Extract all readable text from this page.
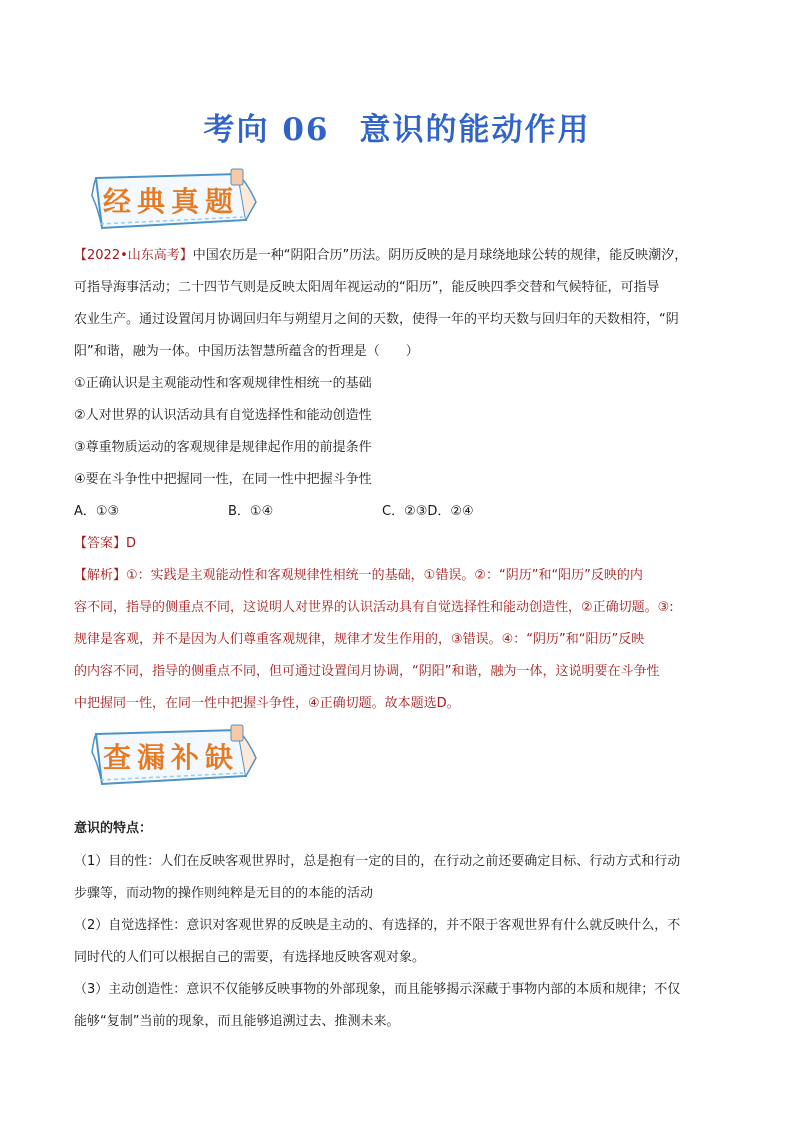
考向 06 意识的能动作用
经典真题
【2022•山东高考】中国农历是一种“阴阳合历”历法。阴历反映的是月球绕地球公转的规律，能反映潮汐，
可指导海事活动；二十四节气则是反映太阳周年视运动的“阳历”，能反映四季交替和气候特征，可指导
农业生产。通过设置闰月协调回归年与朔望月之间的天数，使得一年的平均天数与回归年的天数相符，“阴
阳”和谐，融为一体。中国历法智慧所蕴含的哲理是（　　）
①正确认识是主观能动性和客观规律性相统一的基础
②人对世界的认识活动具有自觉选择性和能动创造性
③尊重物质运动的客观规律是规律起作用的前提条件
④要在斗争性中把握同一性，在同一性中把握斗争性
A．①③	B．①④	C．②③D．②④
【答案】D
【解析】①：实践是主观能动性和客观规律性相统一的基础，①错误。②：“阴历”和“阳历”反映的内
容不同，指导的侧重点不同，这说明人对世界的认识活动具有自觉选择性和能动创造性，②正确切题。③:
规律是客观，并不是因为人们尊重客观规律，规律才发生作用的，③错误。④：“阴历”和“阳历”反映
的内容不同，指导的侧重点不同，但可通过设置闰月协调，“阴阳”和谐，融为一体，这说明要在斗争性
中把握同一性，在同一性中把握斗争性，④正确切题。故本题选D。
查漏补缺
意识的特点：
（1）目的性：人们在反映客观世界时，总是抱有一定的目的，在行动之前还要确定目标、行动方式和行动
步骤等，而动物的操作则纯粹是无目的的本能的活动
（2）自觉选择性：意识对客观世界的反映是主动的、有选择的，并不限于客观世界有什么就反映什么，不
同时代的人们可以根据自己的需要，有选择地反映客观对象。
（3）主动创造性：意识不仅能够反映事物的外部现象，而且能够揭示深藏于事物内部的本质和规律；不仅
能够“复制”当前的现象，而且能够追溯过去、推测未来。
